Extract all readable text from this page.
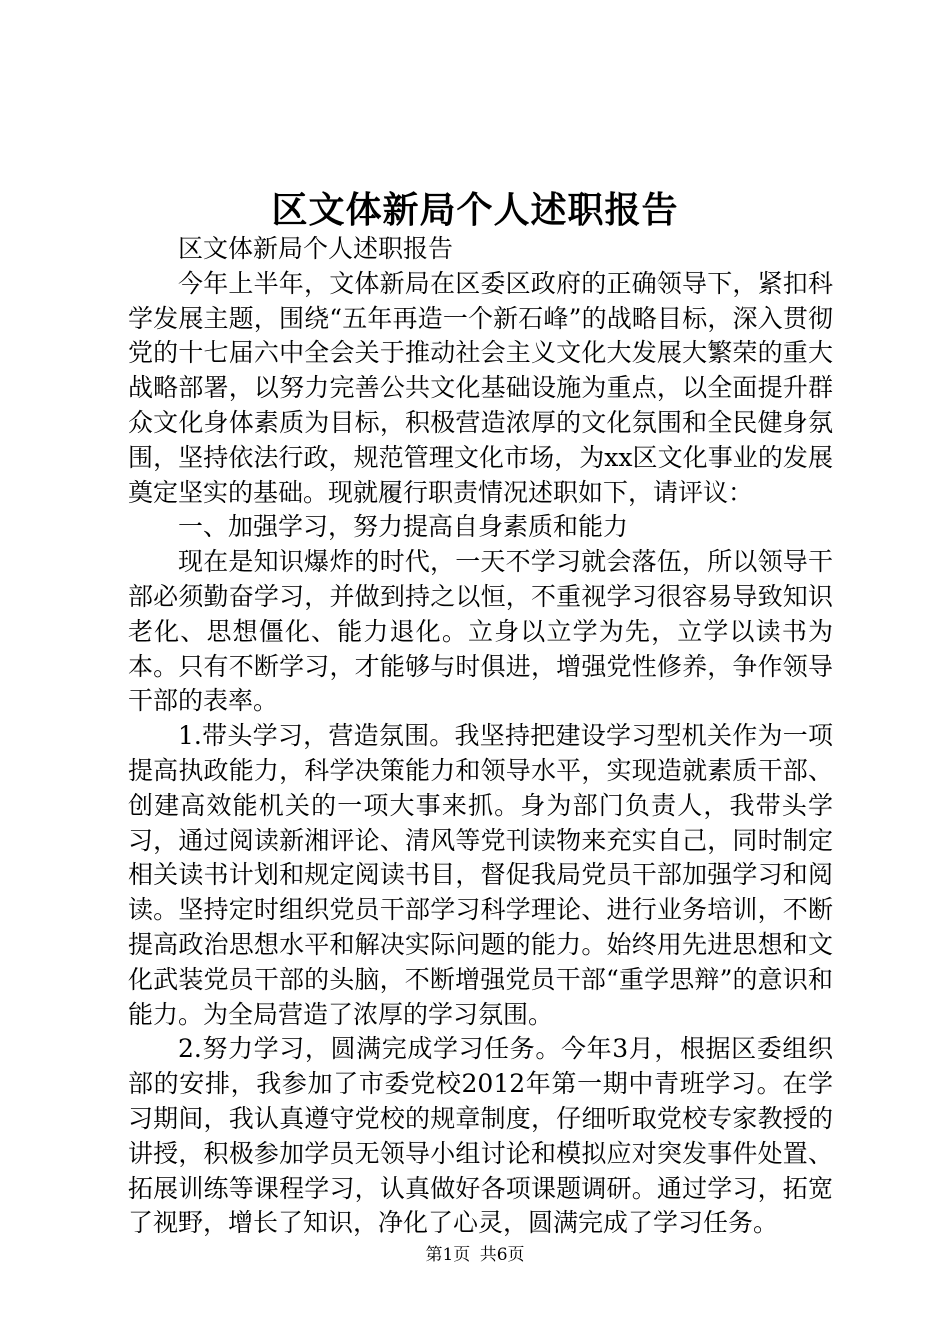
区文体新局个人述职报告

区文体新局个人述职报告

今年上半年，文体新局在区委区政府的正确领导下，紧扣科学发展主题，围绕“五年再造一个新石峰”的战略目标，深入贯彻党的十七届六中全会关于推动社会主义文化大发展大繁荣的重大战略部署，以努力完善公共文化基础设施为重点，以全面提升群众文化身体素质为目标，积极营造浓厚的文化氛围和全民健身氛围，坚持依法行政，规范管理文化市场，为xx区文化事业的发展奠定坚实的基础。现就履行职责情况述职如下，请评议：

一、加强学习，努力提高自身素质和能力

现在是知识爆炸的时代，一天不学习就会落伍，所以领导干部必须勤奋学习，并做到持之以恒，不重视学习很容易导致知识老化、思想僵化、能力退化。立身以立学为先，立学以读书为本。只有不断学习，才能够与时俱进，增强党性修养，争作领导干部的表率。

1.带头学习，营造氛围。我坚持把建设学习型机关作为一项提高执政能力，科学决策能力和领导水平，实现造就素质干部、创建高效能机关的一项大事来抓。身为部门负责人，我带头学习，通过阅读新湘评论、清风等党刊读物来充实自己，同时制定相关读书计划和规定阅读书目，督促我局党员干部加强学习和阅读。坚持定时组织党员干部学习科学理论、进行业务培训，不断提高政治思想水平和解决实际问题的能力。始终用先进思想和文化武装党员干部的头脑，不断增强党员干部“重学思辩”的意识和能力。为全局营造了浓厚的学习氛围。

2.努力学习，圆满完成学习任务。今年3月，根据区委组织部的安排，我参加了市委党校2012年第一期中青班学习。在学习期间，我认真遵守党校的规章制度，仔细听取党校专家教授的讲授，积极参加学员无领导小组讨论和模拟应对突发事件处置、拓展训练等课程学习，认真做好各项课题调研。通过学习，拓宽了视野，增长了知识，净化了心灵，圆满完成了学习任务。

第1页 共6页
